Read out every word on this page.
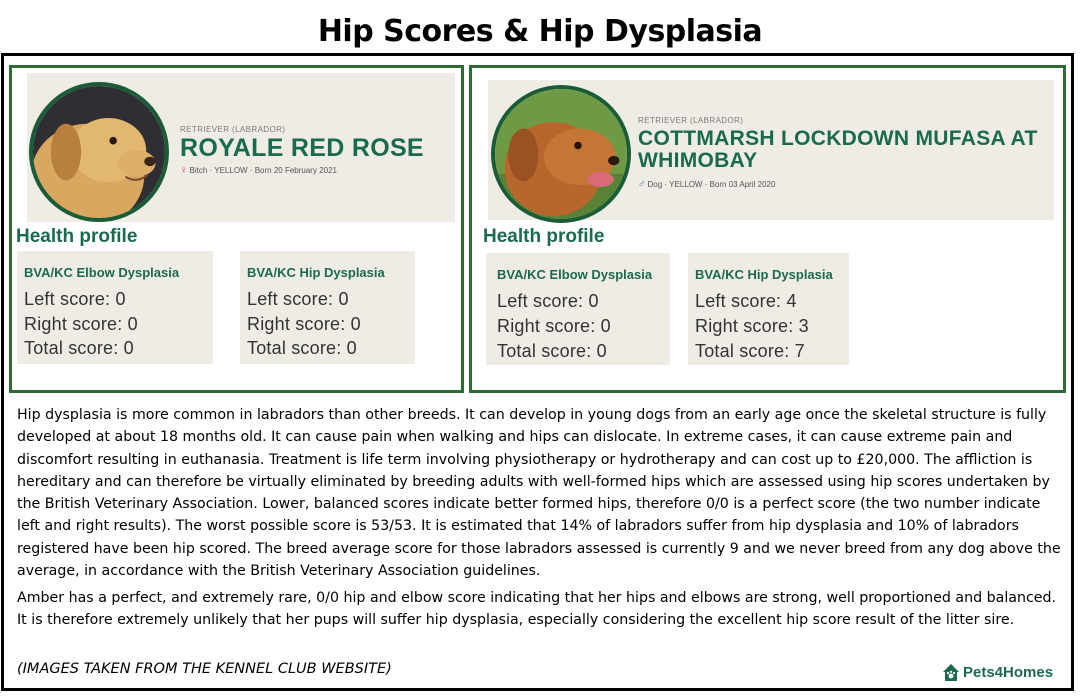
Hip Scores & Hip Dysplasia
RETRIEVER (LABRADOR)
ROYALE RED ROSE
♀ Bitch · YELLOW · Born 20 February 2021
Health profile
BVA/KC Elbow Dysplasia
Left score: 0
Right score: 0
Total score: 0
BVA/KC Hip Dysplasia
Left score: 0
Right score: 0
Total score: 0
RETRIEVER (LABRADOR)
COTTMARSH LOCKDOWN MUFASA AT WHIMOBAY
♂ Dog · YELLOW · Born 03 April 2020
Health profile
BVA/KC Elbow Dysplasia
Left score: 0
Right score: 0
Total score: 0
BVA/KC Hip Dysplasia
Left score: 4
Right score: 3
Total score: 7
Hip dysplasia is more common in labradors than other breeds. It can develop in young dogs from an early age once the skeletal structure is fully developed at about 18 months old. It can cause pain when walking and hips can dislocate. In extreme cases, it can cause extreme pain and discomfort resulting in euthanasia. Treatment is life term involving physiotherapy or hydrotherapy and can cost up to £20,000. The affliction is hereditary and can therefore be virtually eliminated by breeding adults with well-formed hips which are assessed using hip scores undertaken by the British Veterinary Association. Lower, balanced scores indicate better formed hips, therefore 0/0 is a perfect score (the two number indicate left and right results). The worst possible score is 53/53. It is estimated that 14% of labradors suffer from hip dysplasia and 10% of labradors registered have been hip scored. The breed average score for those labradors assessed is currently 9 and we never breed from any dog above the average, in accordance with the British Veterinary Association guidelines.
Amber has a perfect, and extremely rare, 0/0 hip and elbow score indicating that her hips and elbows are strong, well proportioned and balanced. It is therefore extremely unlikely that her pups will suffer hip dysplasia, especially considering the excellent hip score result of the litter sire.
(IMAGES TAKEN FROM THE KENNEL CLUB WEBSITE)	Pets4Homes
